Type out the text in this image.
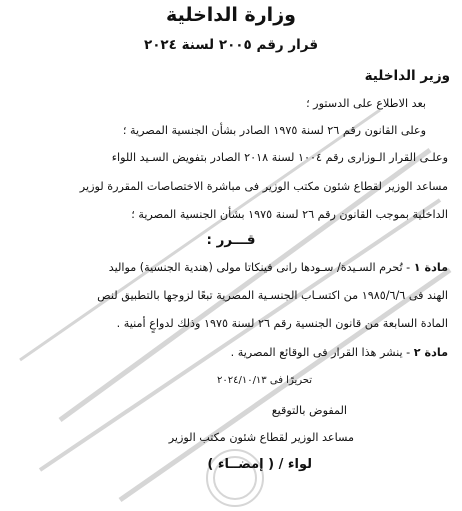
وزارة الداخلية
قرار رقم ٢٠٠٥ لسنة ٢٠٢٤
وزير الداخلية
بعد الاطلاع على الدستور ؛
وعلى القانون رقم ٢٦ لسنة ١٩٧٥ الصادر بشأن الجنسية المصرية ؛
وعلـى القرار الـوزارى رقم ١٠٠٤ لسنة ٢٠١٨ الصادر بتفويض السـيد اللواء
مساعد الوزير لقطاع شئون مكتب الوزير فى مباشرة الاختصاصات المقررة لوزير
الداخلية بموجب القانون رقم ٢٦ لسنة ١٩٧٥ بشأن الجنسية المصرية ؛
قـــرر :
مادة ١ - تُحرم السـيدة/ سـودها رانى فينكاتا مولى (هندية الجنسية) مواليد
الهند فى ١٩٨٥/٦/٦ من اكتسـاب الجنسـية المصرية تبعًا لزوجها بالتطبيق لنص
المادة السابعة من قانون الجنسية رقم ٢٦ لسنة ١٩٧٥ وذلك لدواعٍ أمنية .
مادة ٢ - ينشر هذا القرار فى الوقائع المصرية .
تحريرًا فى ٢٠٢٤/١٠/١٣
المفوض بالتوقيع
مساعد الوزير لقطاع شئون مكتب الوزير
لواء / ( إمضــاء )
